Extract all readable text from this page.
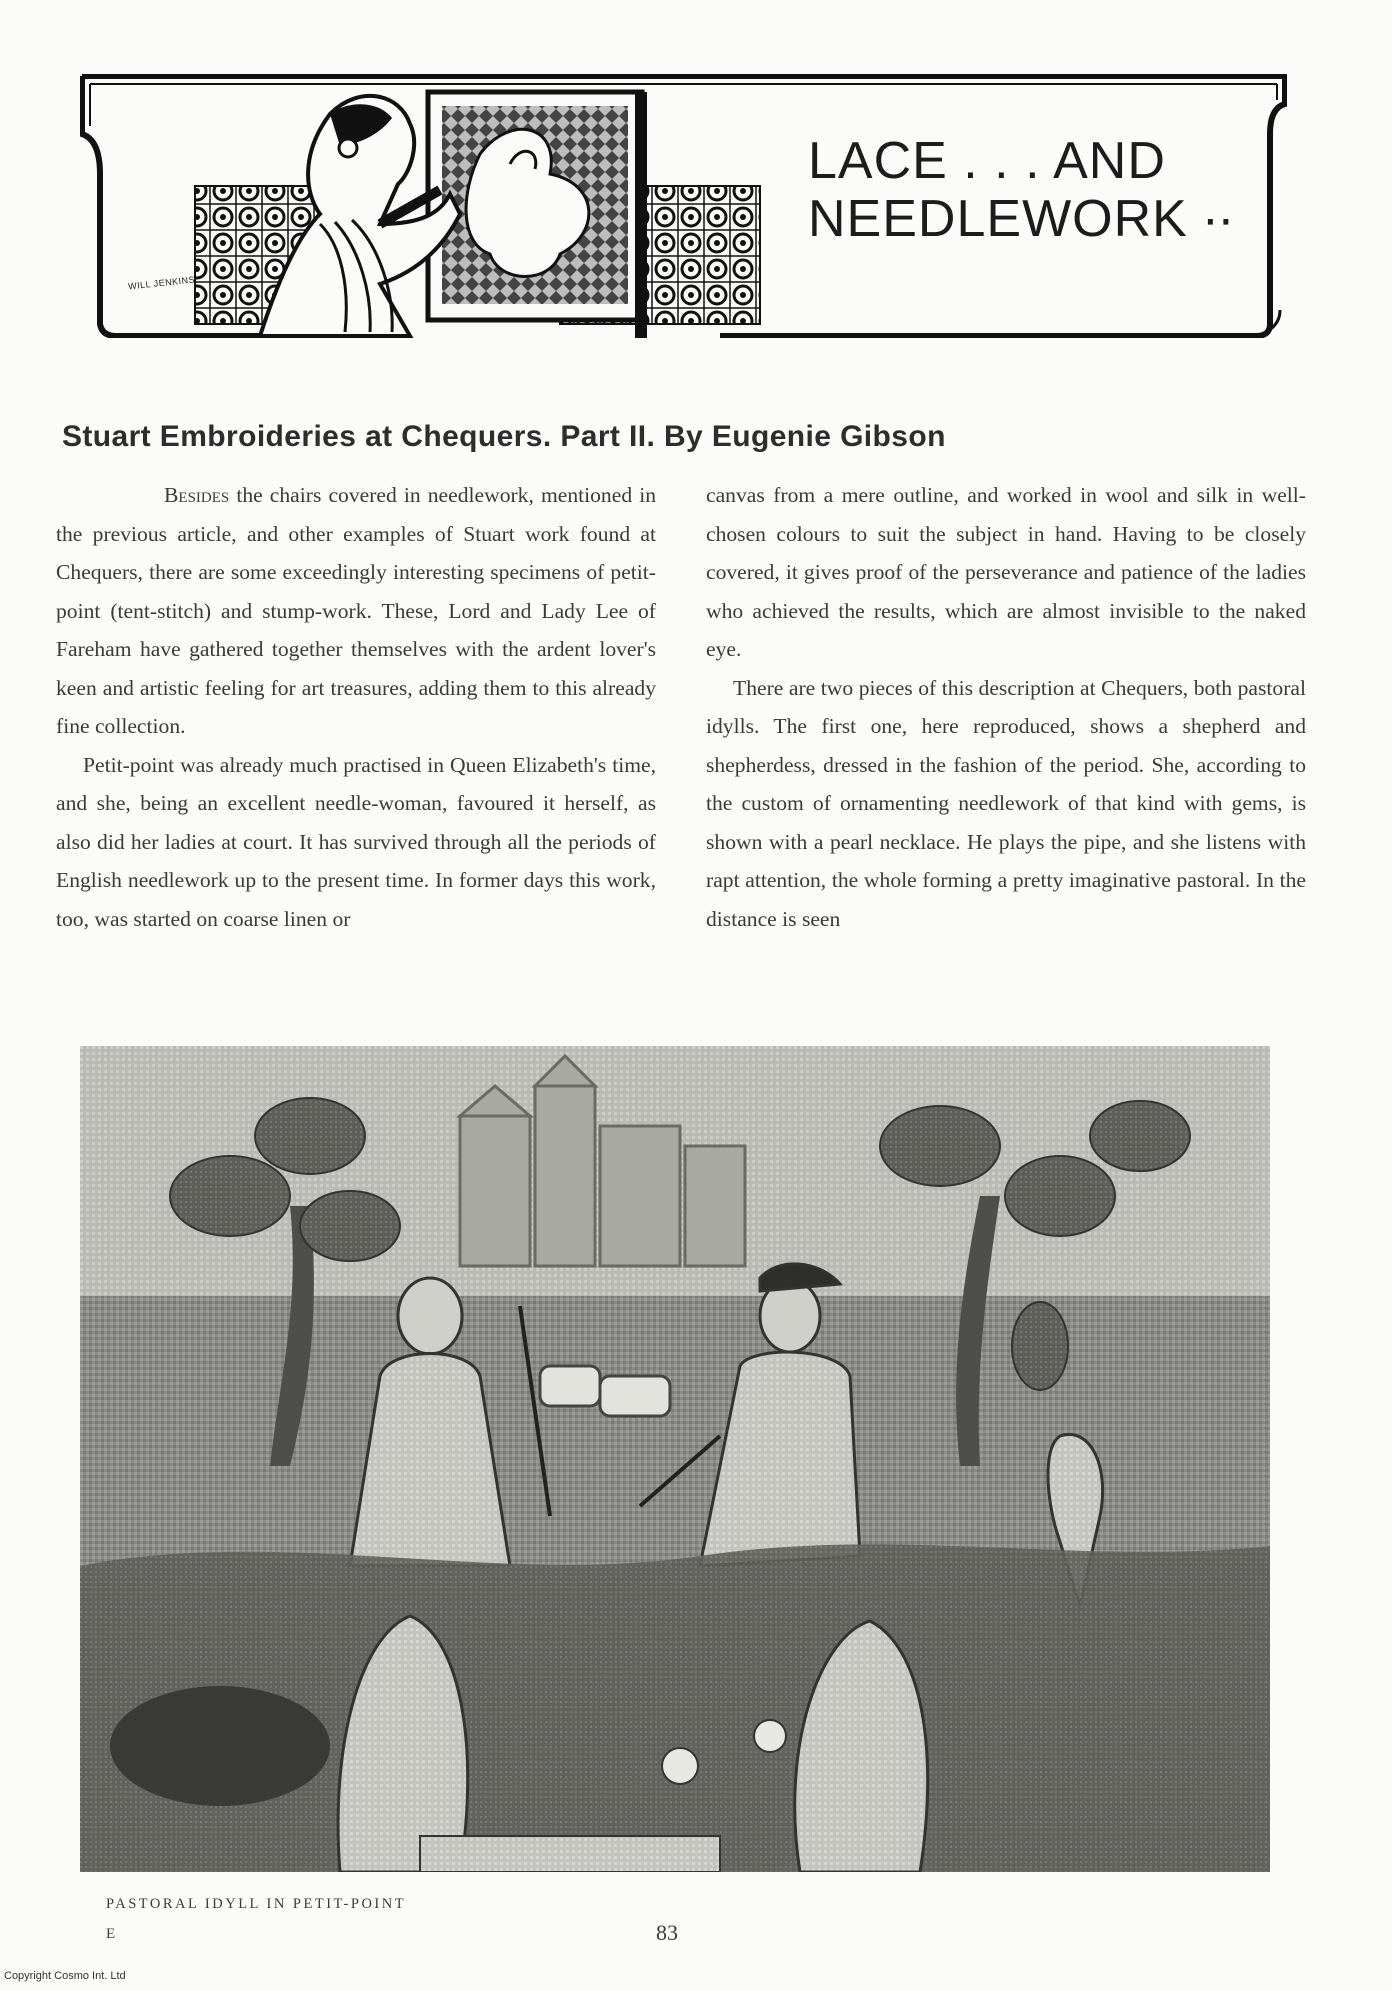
LACE . . . AND
NEEDLEWORK ∙∙
WILL JENKINS
Stuart Embroideries at Chequers. Part II. By Eugenie Gibson

Besides the chairs covered in needlework, mentioned in the previous article, and other examples of Stuart work found at Chequers, there are some exceedingly interesting specimens of petit-point (tent-stitch) and stump-work. These, Lord and Lady Lee of Fareham have gathered together themselves with the ardent lover's keen and artistic feeling for art treasures, adding them to this already fine collection.

Petit-point was already much practised in Queen Elizabeth's time, and she, being an excellent needle-woman, favoured it herself, as also did her ladies at court. It has survived through all the periods of English needlework up to the present time. In former days this work, too, was started on coarse linen or

canvas from a mere outline, and worked in wool and silk in well-chosen colours to suit the subject in hand. Having to be closely covered, it gives proof of the perseverance and patience of the ladies who achieved the results, which are almost invisible to the naked eye.

There are two pieces of this description at Chequers, both pastoral idylls. The first one, here reproduced, shows a shepherd and shepherdess, dressed in the fashion of the period. She, according to the custom of ornamenting needlework of that kind with gems, is shown with a pearl necklace. He plays the pipe, and she listens with rapt attention, the whole forming a pretty imaginative pastoral. In the distance is seen

PASTORAL IDYLL IN PETIT-POINT

E	83
Copyright Cosmo Int. Ltd
